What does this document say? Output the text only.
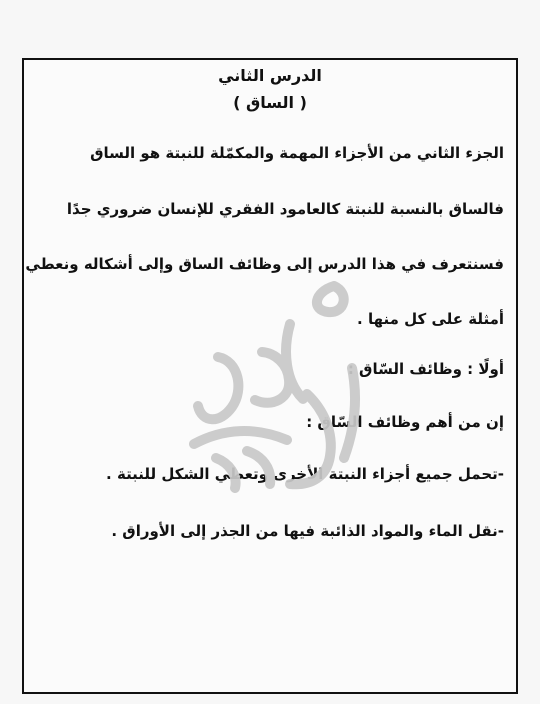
الدرس الثاني
( الساق )
الجزء الثاني من الأجزاء المهمة والمكمّلة للنبتة هو الساق
فالساق بالنسبة للنبتة كالعامود الفقري للإنسان ضروري جدًا
فسنتعرف في هذا الدرس إلى وظائف الساق وإلى أشكاله ونعطي
أمثلة على كل منها .
أولًا : وظائف السّاق :
إن من أهم وظائف السّاق :
-تحمل جميع أجزاء النبتة الأخرى وتعطي الشكل للنبتة .
-نقل الماء والمواد الذائبة فيها من الجذر إلى الأوراق .
